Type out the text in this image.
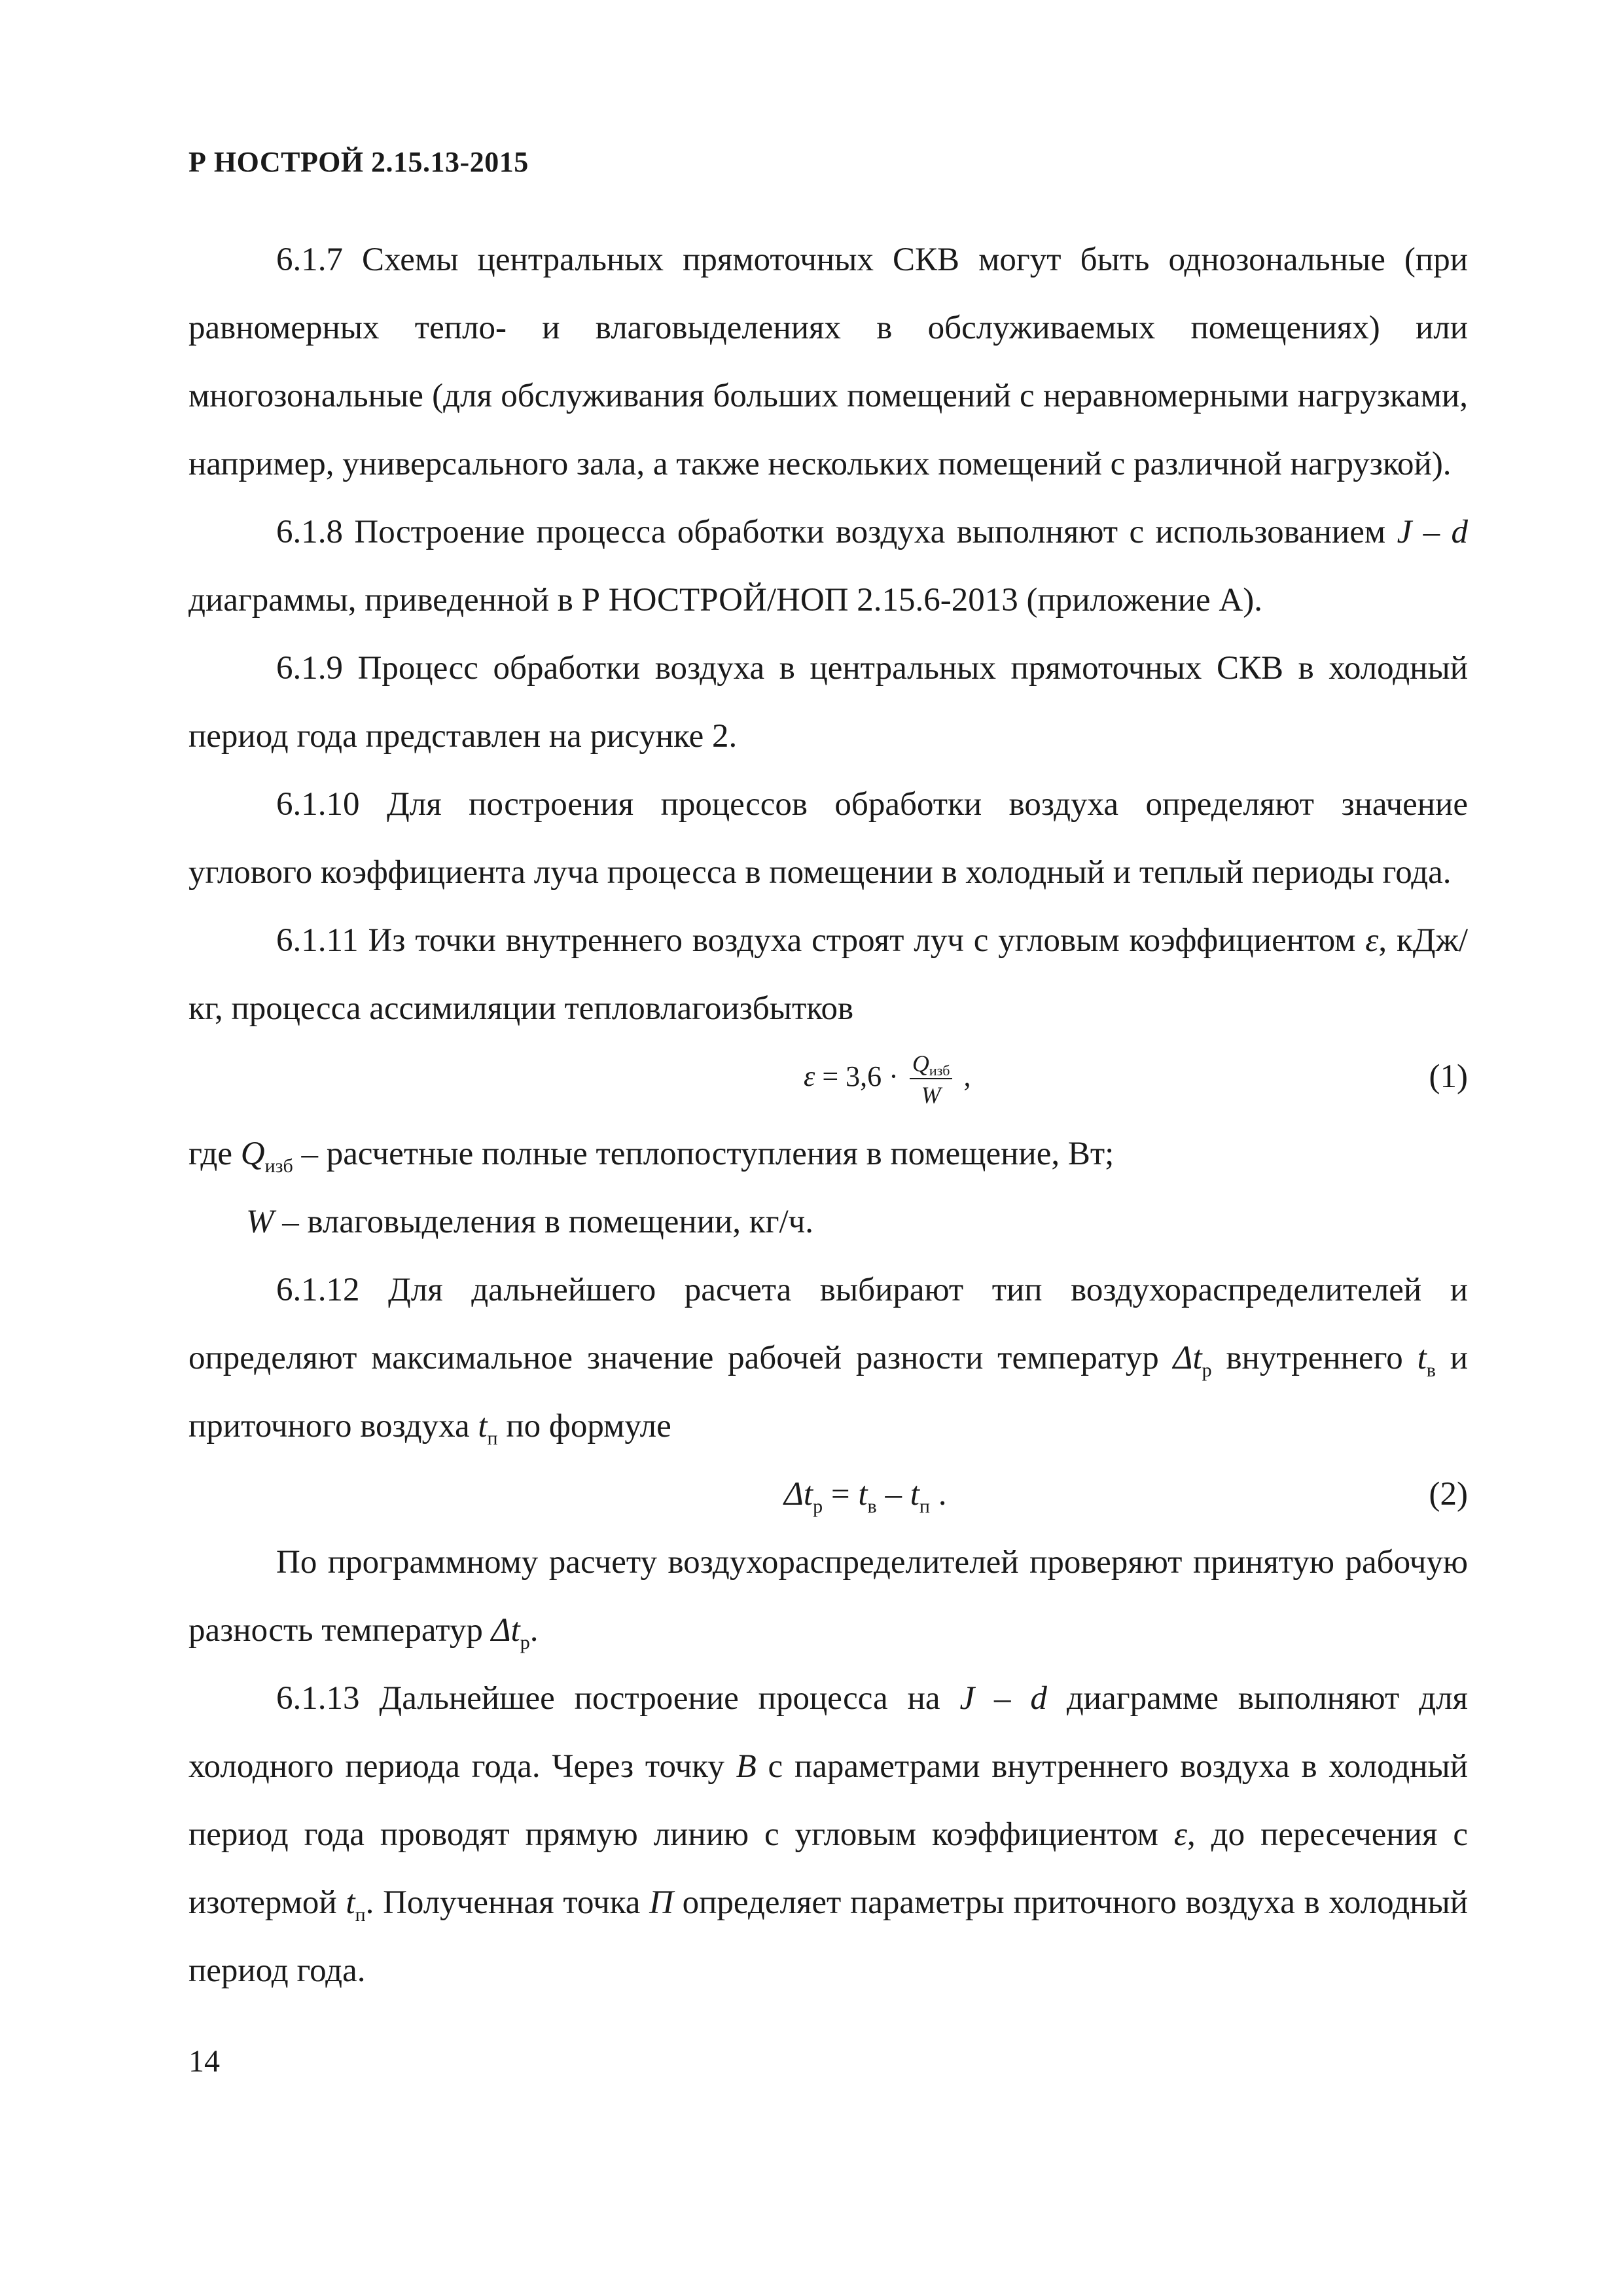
Р НОСТРОЙ 2.15.13-2015

6.1.7 Схемы центральных прямоточных СКВ могут быть однозональные (при равномерных тепло- и влаговыделениях в обслуживаемых помещениях) или многозональные (для обслуживания больших помещений с неравномерными нагрузками, например, универсального зала, а также нескольких помещений с различной нагрузкой).

6.1.8 Построение процесса обработки воздуха выполняют с использованием J – d диаграммы, приведенной в Р НОСТРОЙ/НОП 2.15.6-2013 (приложение А).

6.1.9 Процесс обработки воздуха в центральных прямоточных СКВ в холодный период года представлен на рисунке 2.

6.1.10 Для построения процессов обработки воздуха определяют значение углового коэффициента луча процесса в помещении в холодный и теплый периоды года.

6.1.11 Из точки внутреннего воздуха строят луч с угловым коэффициентом ε, кДж/кг, процесса ассимиляции тепловлагоизбытков

$\varepsilon = 3,6 \cdot \frac{Q_{изб}}{W}$ ,	(1)

где $Q_{изб}$ – расчетные полные теплопоступления в помещение, Вт;

W – влаговыделения в помещении, кг/ч.

6.1.12 Для дальнейшего расчета выбирают тип воздухораспределителей и определяют максимальное значение рабочей разности температур $\Delta t_р$ внутреннего $t_в$ и приточного воздуха $t_п$ по формуле

$\Delta t_р = t_в - t_п$ .	(2)

По программному расчету воздухораспределителей проверяют принятую рабочую разность температур $\Delta t_р$.

6.1.13 Дальнейшее построение процесса на J – d диаграмме выполняют для холодного периода года. Через точку В с параметрами внутреннего воздуха в холодный период года проводят прямую линию с угловым коэффициентом ε, до пересечения с изотермой $t_п$. Полученная точка П определяет параметры приточного воздуха в холодный период года.

14
